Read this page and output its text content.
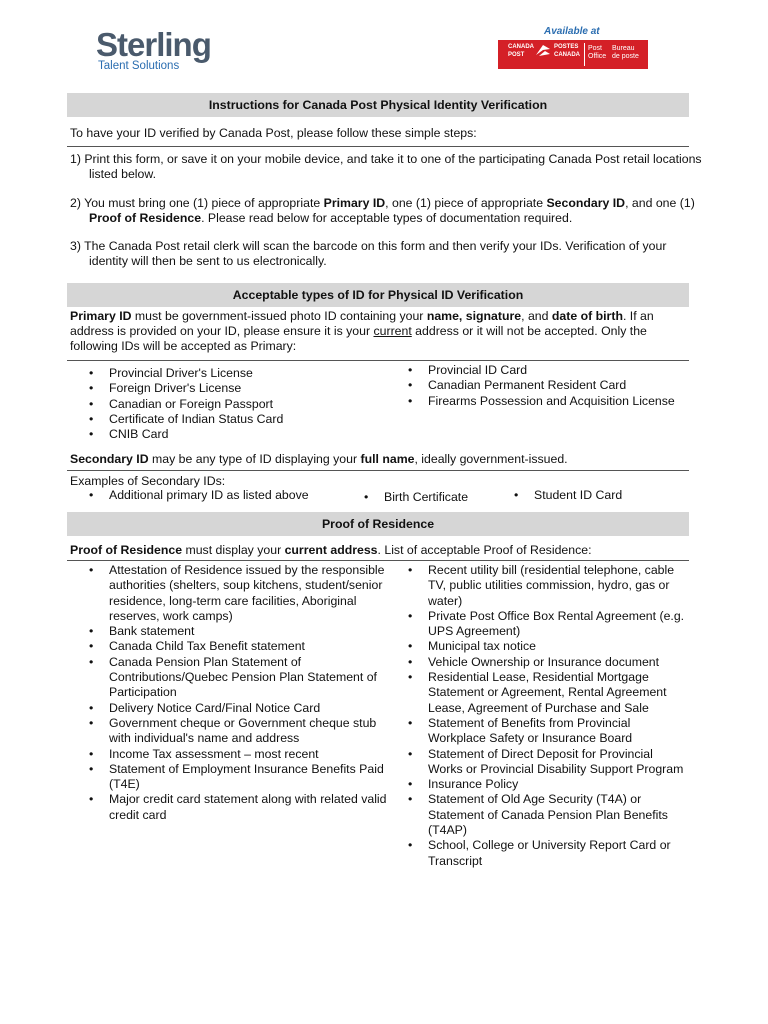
Sterling
Talent Solutions
Available at
CANADA
POST
POSTES
CANADA
Post
Office
Bureau
de poste
Instructions for Canada Post Physical Identity Verification
To have your ID verified by Canada Post, please follow these simple steps:
1) Print this form, or save it on your mobile device, and take it to one of the participating Canada Post retail locations listed below.
2) You must bring one (1) piece of appropriate Primary ID, one (1) piece of appropriate Secondary ID, and one (1) Proof of Residence. Please read below for acceptable types of documentation required.
3) The Canada Post retail clerk will scan the barcode on this form and then verify your IDs. Verification of your identity will then be sent to us electronically.
Acceptable types of ID for Physical ID Verification
Primary ID must be government-issued photo ID containing your name, signature, and date of birth. If an address is provided on your ID, please ensure it is your current address or it will not be accepted. Only the following IDs will be accepted as Primary:
• Provincial Driver's License
• Foreign Driver's License
• Canadian or Foreign Passport
• Certificate of Indian Status Card
• CNIB Card
• Provincial ID Card
• Canadian Permanent Resident Card
• Firearms Possession and Acquisition License
Secondary ID may be any type of ID displaying your full name, ideally government-issued.
Examples of Secondary IDs:
• Additional primary ID as listed above	• Birth Certificate	• Student ID Card
Proof of Residence
Proof of Residence must display your current address. List of acceptable Proof of Residence:
• Attestation of Residence issued by the responsible authorities (shelters, soup kitchens, student/senior residence, long-term care facilities, Aboriginal reserves, work camps)
• Bank statement
• Canada Child Tax Benefit statement
• Canada Pension Plan Statement of Contributions/Quebec Pension Plan Statement of Participation
• Delivery Notice Card/Final Notice Card
• Government cheque or Government cheque stub with individual's name and address
• Income Tax assessment – most recent
• Statement of Employment Insurance Benefits Paid (T4E)
• Major credit card statement along with related valid credit card
• Recent utility bill (residential telephone, cable TV, public utilities commission, hydro, gas or water)
• Private Post Office Box Rental Agreement (e.g. UPS Agreement)
• Municipal tax notice
• Vehicle Ownership or Insurance document
• Residential Lease, Residential Mortgage Statement or Agreement, Rental Agreement Lease, Agreement of Purchase and Sale
• Statement of Benefits from Provincial Workplace Safety or Insurance Board
• Statement of Direct Deposit for Provincial Works or Provincial Disability Support Program
• Insurance Policy
• Statement of Old Age Security (T4A) or Statement of Canada Pension Plan Benefits (T4AP)
• School, College or University Report Card or Transcript
